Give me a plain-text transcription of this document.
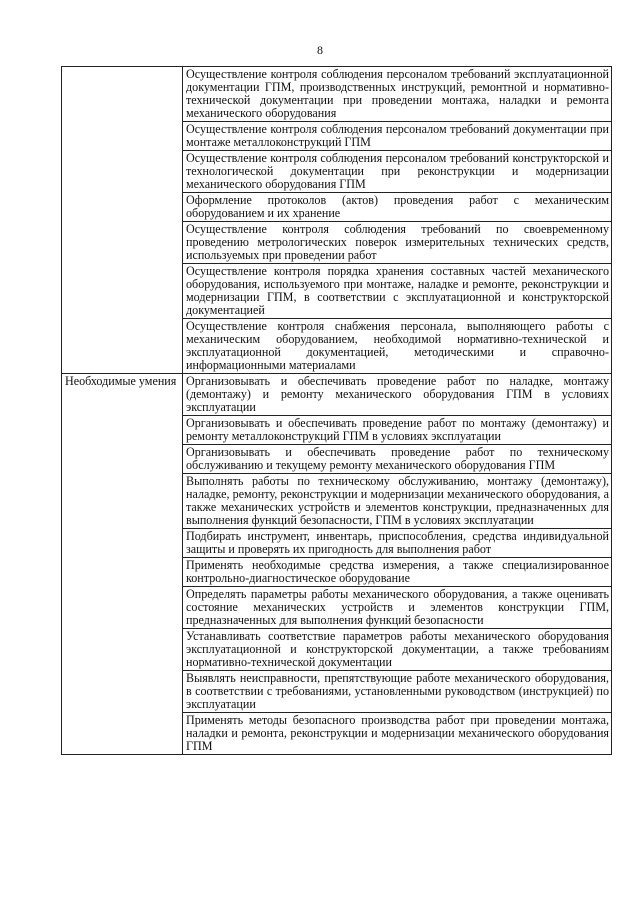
8
	Осуществление контроля соблюдения персоналом требований эксплуатационной документации ГПМ, производственных инструкций, ремонтной и нормативно-технической документации при проведении монтажа, наладки и ремонта механического оборудования
	Осуществление контроля соблюдения персоналом требований документации при монтаже металлоконструкций ГПМ
	Осуществление контроля соблюдения персоналом требований конструкторской и технологической документации при реконструкции и модернизации механического оборудования ГПМ
	Оформление протоколов (актов) проведения работ с механическим оборудованием и их хранение
	Осуществление контроля соблюдения требований по своевременному проведению метрологических поверок измерительных технических средств, используемых при проведении работ
	Осуществление контроля порядка хранения составных частей механического оборудования, используемого при монтаже, наладке и ремонте, реконструкции и модернизации ГПМ, в соответствии с эксплуатационной и конструкторской документацией
	Осуществление контроля снабжения персонала, выполняющего работы с механическим оборудованием, необходимой нормативно-технической и эксплуатационной документацией, методическими и справочно-информационными материалами
Необходимые умения	Организовывать и обеспечивать проведение работ по наладке, монтажу (демонтажу) и ремонту механического оборудования ГПМ в условиях эксплуатации
	Организовывать и обеспечивать проведение работ по монтажу (демонтажу) и ремонту металлоконструкций ГПМ в условиях эксплуатации
	Организовывать и обеспечивать проведение работ по техническому обслуживанию и текущему ремонту механического оборудования ГПМ
	Выполнять работы по техническому обслуживанию, монтажу (демонтажу), наладке, ремонту, реконструкции и модернизации механического оборудования, а также механических устройств и элементов конструкции, предназначенных для выполнения функций безопасности, ГПМ в условиях эксплуатации
	Подбирать инструмент, инвентарь, приспособления, средства индивидуальной защиты и проверять их пригодность для выполнения работ
	Применять необходимые средства измерения, а также специализированное контрольно-диагностическое оборудование
	Определять параметры работы механического оборудования, а также оценивать состояние механических устройств и элементов конструкции ГПМ, предназначенных для выполнения функций безопасности
	Устанавливать соответствие параметров работы механического оборудования эксплуатационной и конструкторской документации, а также требованиям нормативно-технической документации
	Выявлять неисправности, препятствующие работе механического оборудования, в соответствии с требованиями, установленными руководством (инструкцией) по эксплуатации
	Применять методы безопасного производства работ при проведении монтажа, наладки и ремонта, реконструкции и модернизации механического оборудования ГПМ
